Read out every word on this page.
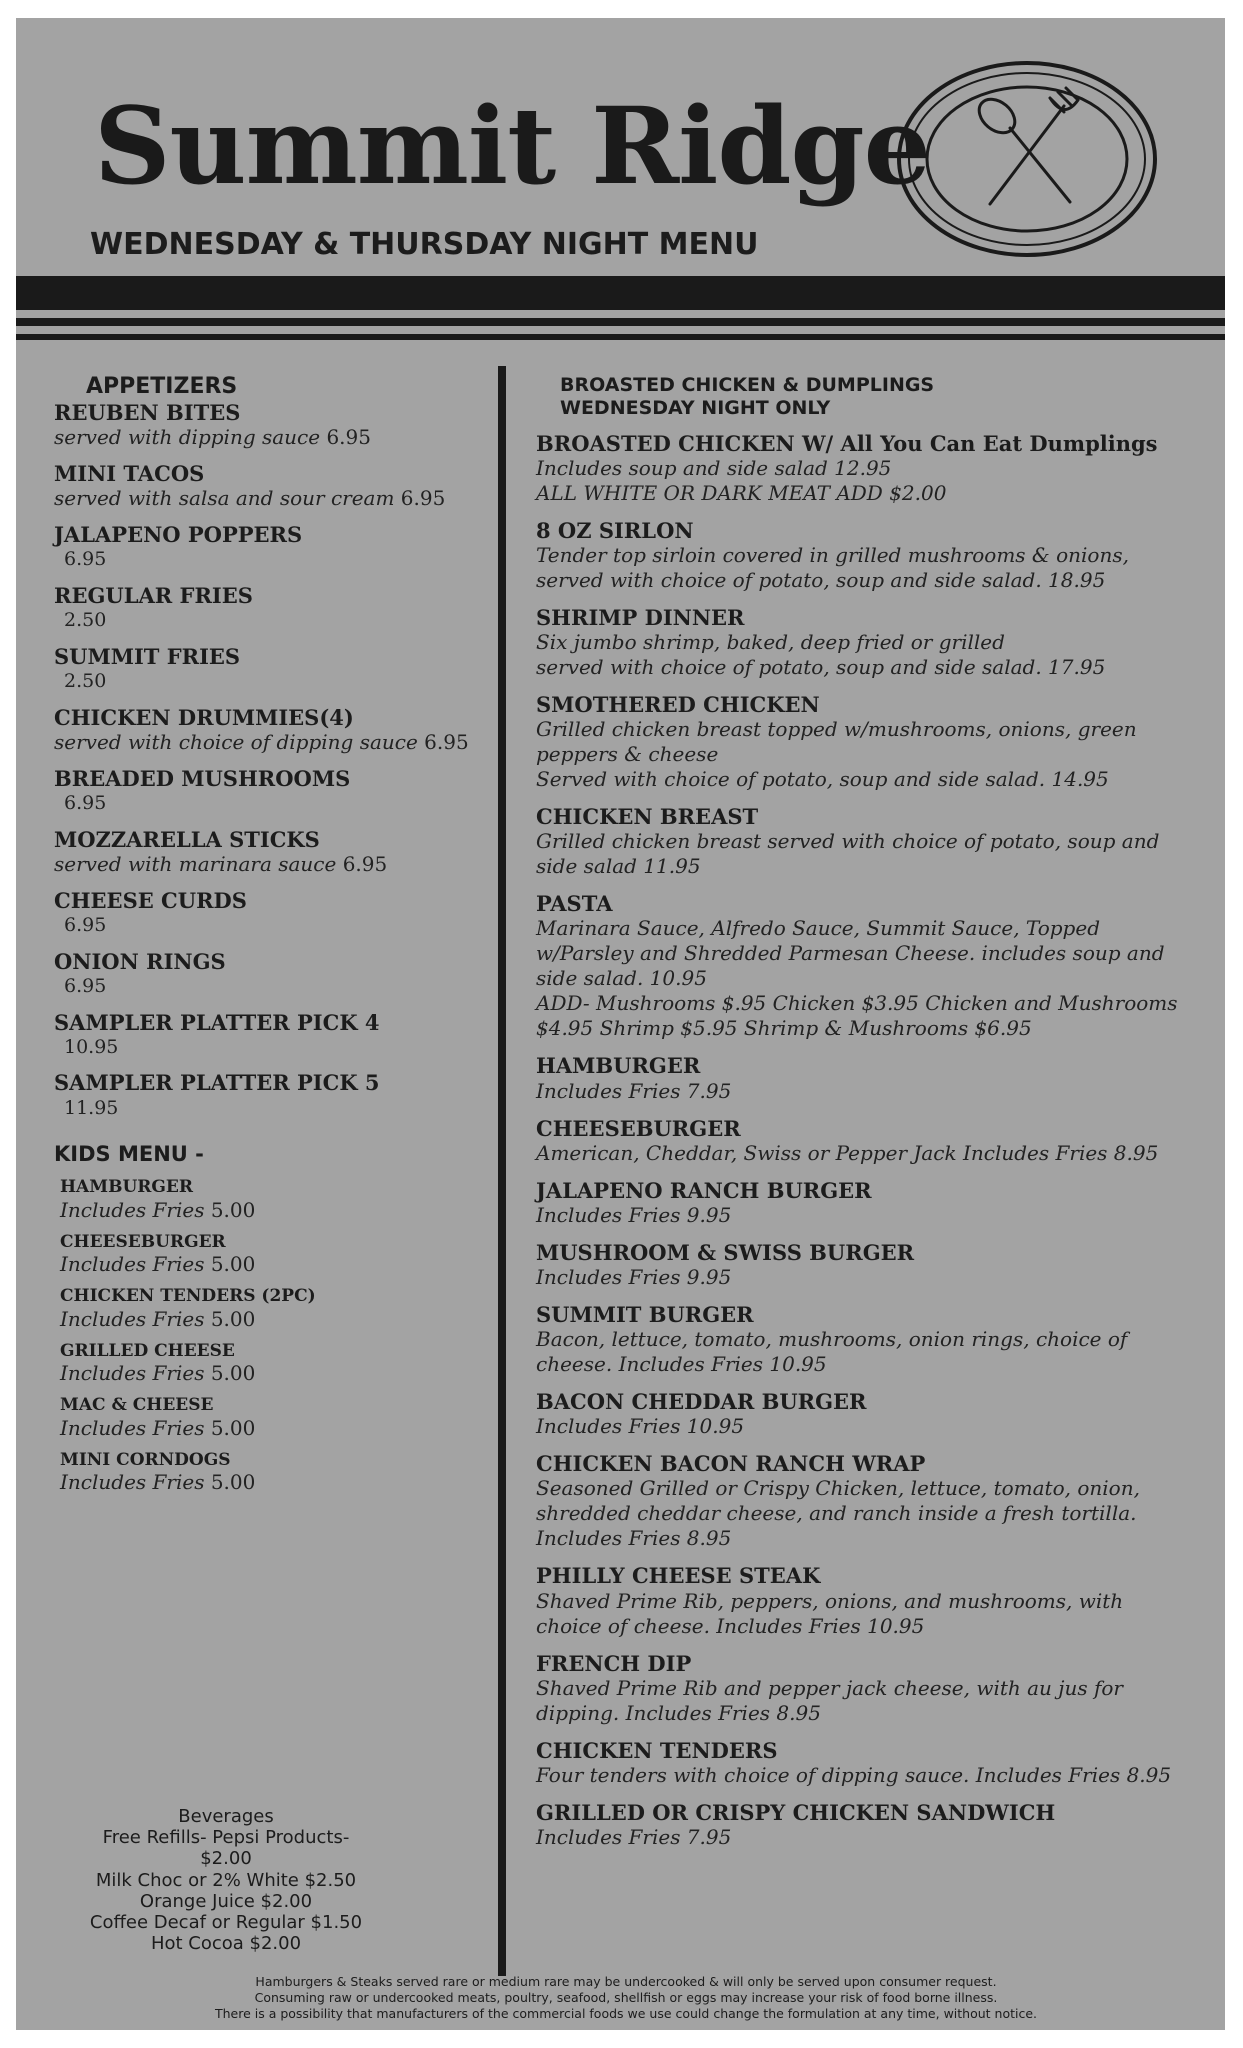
Summit Ridge
WEDNESDAY & THURSDAY NIGHT MENU
APPETIZERS
REUBEN BITES
served with dipping sauce 6.95
MINI TACOS
served with salsa and sour cream 6.95
JALAPENO POPPERS
6.95
REGULAR FRIES
2.50
SUMMIT FRIES
2.50
CHICKEN DRUMMIES(4)
served with choice of dipping sauce 6.95
BREADED MUSHROOMS
6.95
MOZZARELLA STICKS
served with marinara sauce 6.95
CHEESE CURDS
6.95
ONION RINGS
6.95
SAMPLER PLATTER PICK 4
10.95
SAMPLER PLATTER PICK 5
11.95
KIDS MENU -
HAMBURGER
Includes Fries 5.00
CHEESEBURGER
Includes Fries 5.00
CHICKEN TENDERS (2PC)
Includes Fries 5.00
GRILLED CHEESE
Includes Fries 5.00
MAC & CHEESE
Includes Fries 5.00
MINI CORNDOGS
Includes Fries 5.00
Beverages
Free Refills- Pepsi Products-
$2.00
Milk Choc or 2% White $2.50
Orange Juice $2.00
Coffee Decaf or Regular $1.50
Hot Cocoa $2.00
BROASTED CHICKEN & DUMPLINGS
WEDNESDAY NIGHT ONLY
BROASTED CHICKEN W/ All You Can Eat Dumplings
Includes soup and side salad 12.95
ALL WHITE OR DARK MEAT ADD $2.00
8 OZ SIRLON
Tender top sirloin covered in grilled mushrooms & onions,
served with choice of potato, soup and side salad. 18.95
SHRIMP DINNER
Six jumbo shrimp, baked, deep fried or grilled
served with choice of potato, soup and side salad. 17.95
SMOTHERED CHICKEN
Grilled chicken breast topped w/mushrooms, onions, green
peppers & cheese
Served with choice of potato, soup and side salad. 14.95
CHICKEN BREAST
Grilled chicken breast served with choice of potato, soup and
side salad 11.95
PASTA
Marinara Sauce, Alfredo Sauce, Summit Sauce, Topped
w/Parsley and Shredded Parmesan Cheese. includes soup and
side salad. 10.95
ADD- Mushrooms $.95 Chicken $3.95 Chicken and Mushrooms
$4.95 Shrimp $5.95 Shrimp & Mushrooms $6.95
HAMBURGER
Includes Fries 7.95
CHEESEBURGER
American, Cheddar, Swiss or Pepper Jack Includes Fries 8.95
JALAPENO RANCH BURGER
Includes Fries 9.95
MUSHROOM & SWISS BURGER
Includes Fries 9.95
SUMMIT BURGER
Bacon, lettuce, tomato, mushrooms, onion rings, choice of
cheese. Includes Fries 10.95
BACON CHEDDAR BURGER
Includes Fries 10.95
CHICKEN BACON RANCH WRAP
Seasoned Grilled or Crispy Chicken, lettuce, tomato, onion,
shredded cheddar cheese, and ranch inside a fresh tortilla.
Includes Fries 8.95
PHILLY CHEESE STEAK
Shaved Prime Rib, peppers, onions, and mushrooms, with
choice of cheese. Includes Fries 10.95
FRENCH DIP
Shaved Prime Rib and pepper jack cheese, with au jus for
dipping. Includes Fries 8.95
CHICKEN TENDERS
Four tenders with choice of dipping sauce. Includes Fries 8.95
GRILLED OR CRISPY CHICKEN SANDWICH
Includes Fries 7.95
Hamburgers & Steaks served rare or medium rare may be undercooked & will only be served upon consumer request.
Consuming raw or undercooked meats, poultry, seafood, shellfish or eggs may increase your risk of food borne illness.
There is a possibility that manufacturers of the commercial foods we use could change the formulation at any time, without notice.
